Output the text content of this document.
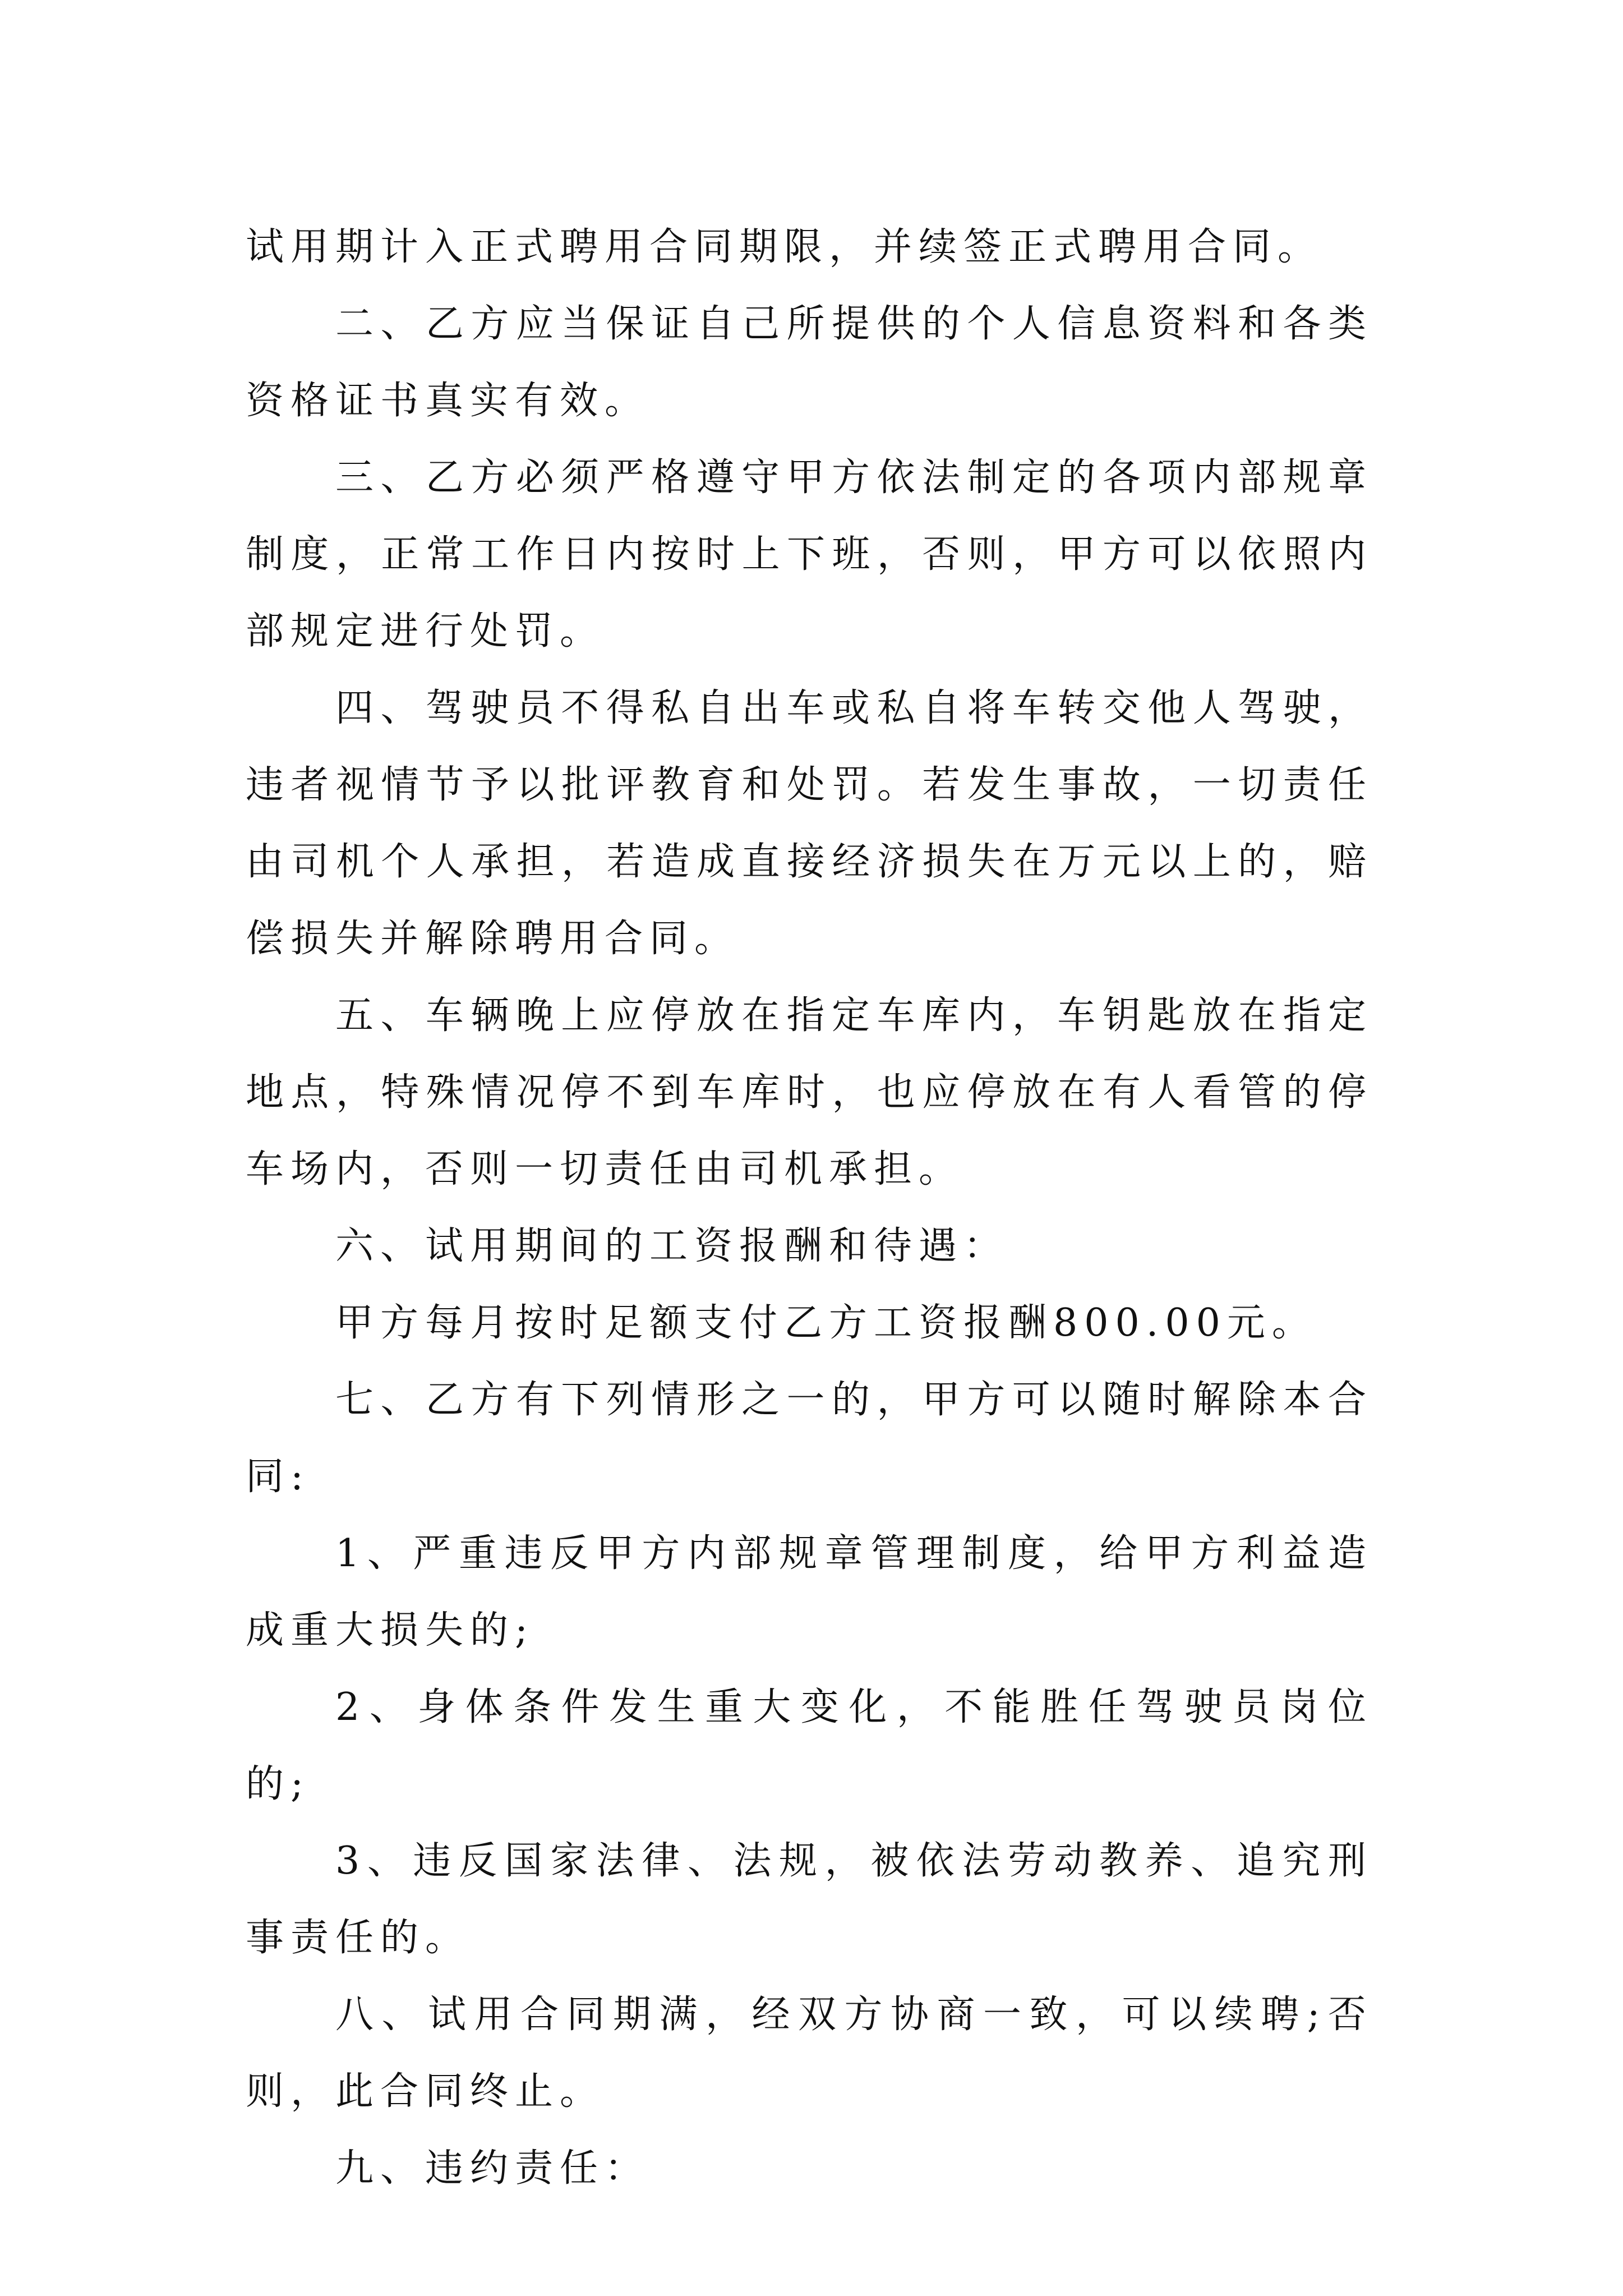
试用期计入正式聘用合同期限，并续签正式聘用合同。

二、乙方应当保证自己所提供的个人信息资料和各类资格证书真实有效。

三、乙方必须严格遵守甲方依法制定的各项内部规章制度，正常工作日内按时上下班，否则，甲方可以依照内部规定进行处罚。

四、驾驶员不得私自出车或私自将车转交他人驾驶，违者视情节予以批评教育和处罚。若发生事故，一切责任由司机个人承担，若造成直接经济损失在万元以上的，赔偿损失并解除聘用合同。

五、车辆晚上应停放在指定车库内，车钥匙放在指定地点，特殊情况停不到车库时，也应停放在有人看管的停车场内，否则一切责任由司机承担。

六、试用期间的工资报酬和待遇：

甲方每月按时足额支付乙方工资报酬800.00元。

七、乙方有下列情形之一的，甲方可以随时解除本合同:

1、严重违反甲方内部规章管理制度，给甲方利益造成重大损失的;

2、身体条件发生重大变化，不能胜任驾驶员岗位的;

3、违反国家法律、法规，被依法劳动教养、追究刑事责任的。

八、试用合同期满，经双方协商一致，可以续聘;否则，此合同终止。

九、违约责任：
